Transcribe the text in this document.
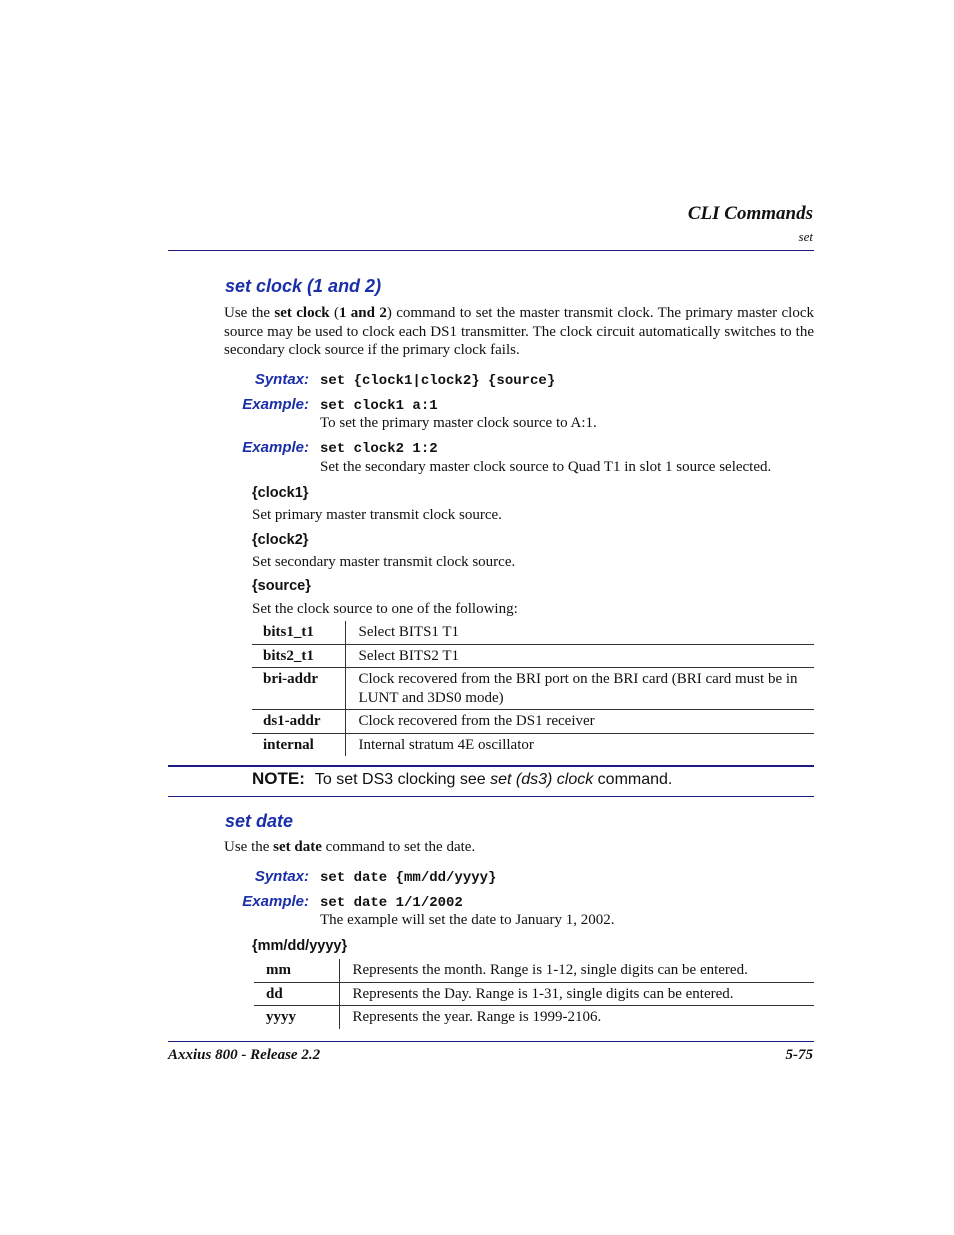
CLI Commands
set
set clock (1 and 2)
Use the set clock (1 and 2) command to set the master transmit clock. The primary master clock source may be used to clock each DS1 transmitter. The clock circuit automatically switches to the secondary clock source if the primary clock fails.
Syntax: set {clock1|clock2} {source}
Example: set clock1 a:1
To set the primary master clock source to A:1.
Example: set clock2 1:2
Set the secondary master clock source to Quad T1 in slot 1 source selected.
{clock1}
Set primary master transmit clock source.
{clock2}
Set secondary master transmit clock source.
{source}
Set the clock source to one of the following:
bits1_t1	Select BITS1 T1
bits2_t1	Select BITS2 T1
bri-addr	Clock recovered from the BRI port on the BRI card (BRI card must be in LUNT and 3DS0 mode)
ds1-addr	Clock recovered from the DS1 receiver
internal	Internal stratum 4E oscillator
NOTE: To set DS3 clocking see set (ds3) clock command.
set date
Use the set date command to set the date.
Syntax: set date {mm/dd/yyyy}
Example: set date 1/1/2002
The example will set the date to January 1, 2002.
{mm/dd/yyyy}
mm	Represents the month. Range is 1-12, single digits can be entered.
dd	Represents the Day. Range is 1-31, single digits can be entered.
yyyy	Represents the year. Range is 1999-2106.
Axxius 800 - Release 2.2	5-75
